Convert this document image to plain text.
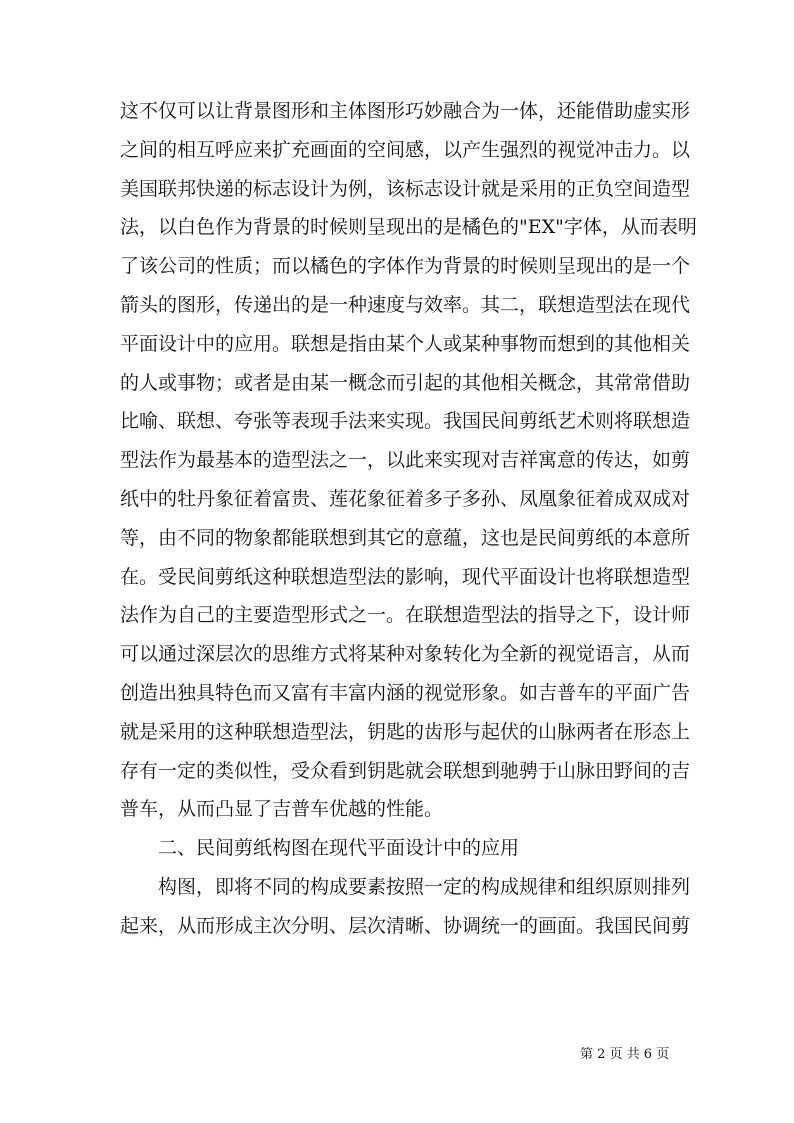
这不仅可以让背景图形和主体图形巧妙融合为一体，还能借助虚实形
之间的相互呼应来扩充画面的空间感，以产生强烈的视觉冲击力。以
美国联邦快递的标志设计为例，该标志设计就是采用的正负空间造型
法，以白色作为背景的时候则呈现出的是橘色的"EX"字体，从而表明
了该公司的性质；而以橘色的字体作为背景的时候则呈现出的是一个
箭头的图形，传递出的是一种速度与效率。其二，联想造型法在现代
平面设计中的应用。联想是指由某个人或某种事物而想到的其他相关
的人或事物；或者是由某一概念而引起的其他相关概念，其常常借助
比喻、联想、夸张等表现手法来实现。我国民间剪纸艺术则将联想造
型法作为最基本的造型法之一，以此来实现对吉祥寓意的传达，如剪
纸中的牡丹象征着富贵、莲花象征着多子多孙、凤凰象征着成双成对
等，由不同的物象都能联想到其它的意蕴，这也是民间剪纸的本意所
在。受民间剪纸这种联想造型法的影响，现代平面设计也将联想造型
法作为自己的主要造型形式之一。在联想造型法的指导之下，设计师
可以通过深层次的思维方式将某种对象转化为全新的视觉语言，从而
创造出独具特色而又富有丰富内涵的视觉形象。如吉普车的平面广告
就是采用的这种联想造型法，钥匙的齿形与起伏的山脉两者在形态上
存有一定的类似性，受众看到钥匙就会联想到驰骋于山脉田野间的吉
普车，从而凸显了吉普车优越的性能。
二、民间剪纸构图在现代平面设计中的应用
构图，即将不同的构成要素按照一定的构成规律和组织原则排列
起来，从而形成主次分明、层次清晰、协调统一的画面。我国民间剪
第 2 页 共 6 页
